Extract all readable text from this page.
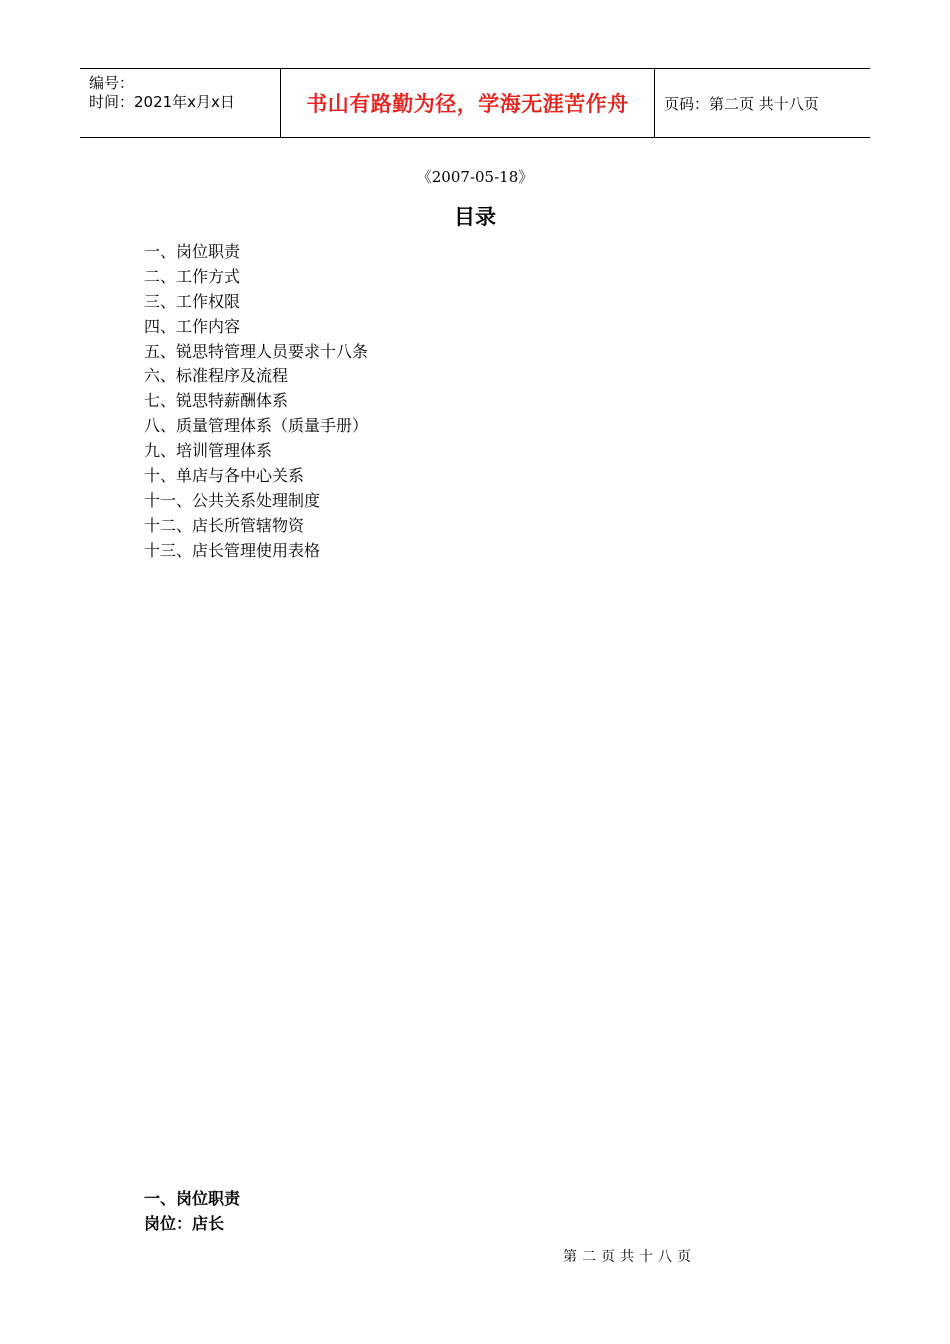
编号：
时间：2021年x月x日	书山有路勤为径，学海无涯苦作舟 页码：第二页 共十八页
《2007-05-18》
目录
一、岗位职责
二、工作方式
三、工作权限
四、工作内容
五、锐思特管理人员要求十八条
六、标准程序及流程
七、锐思特薪酬体系
八、质量管理体系（质量手册）
九、培训管理体系
十、单店与各中心关系
十一、公共关系处理制度
十二、店长所管辖物资
十三、店长管理使用表格
一、岗位职责
岗位：店长
第二页共十八页
